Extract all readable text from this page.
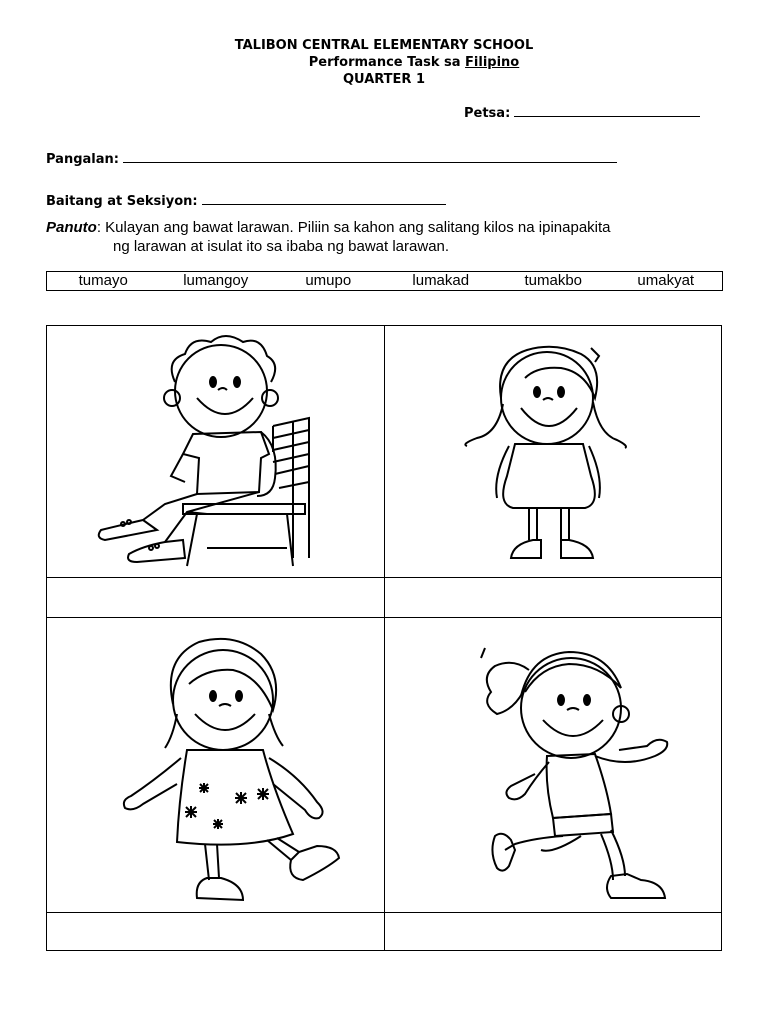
TALIBON CENTRAL ELEMENTARY SCHOOL
Performance Task sa Filipino
QUARTER 1
Petsa:
Pangalan:
Baitang at Seksiyon:
Panuto: Kulayan ang bawat larawan. Piliin sa kahon ang salitang kilos na ipinapakita
ng larawan at isulat ito sa ibaba ng bawat larawan.
tumayo	lumangoy	umupo	lumakad	tumakbo	umakyat
